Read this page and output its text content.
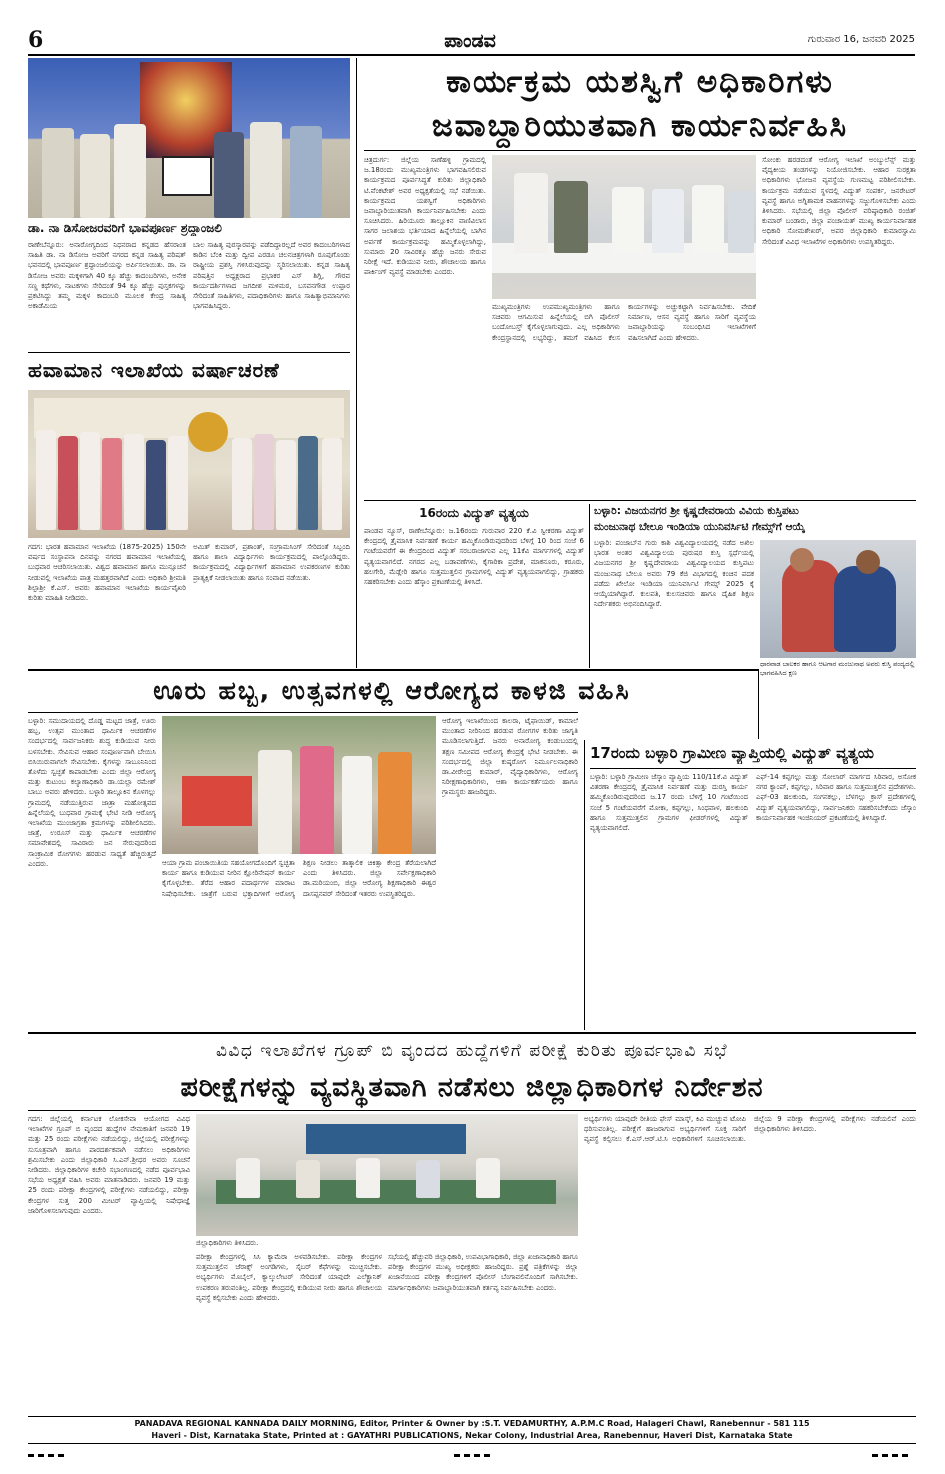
6	ಪಾಂಡವ	ಗುರುವಾರ 16, ಜನವರಿ 2025
ಡಾ. ನಾ ಡಿಸೋಜರವರಿಗೆ ಭಾವಪೂರ್ಣ ಶ್ರದ್ಧಾಂಜಲಿ
ರಾಣೇಬೆನ್ನೂರು: ಅನಾರೋಗ್ಯದಿಂದ ನಿಧನರಾದ ಕನ್ನಡದ ಹೆಸರಾಂತ ಸಾಹಿತಿ ಡಾ. ನಾ ಡಿಸೋಜ ಅವರಿಗೆ ನಗರದ ಕನ್ನಡ ಸಾಹಿತ್ಯ ಪರಿಷತ್ ಭವನದಲ್ಲಿ ಭಾವಪೂರ್ಣ ಶ್ರದ್ಧಾಂಜಲಿಯನ್ನು ಅರ್ಪಿಸಲಾಯಿತು. ಡಾ. ನಾ ಡಿಸೋಜ ಅವರು ಮಕ್ಕಳಿಗಾಗಿ 40 ಕ್ಕೂ ಹೆಚ್ಚು ಕಾದಂಬರಿಗಳು, ಅನೇಕ ಸಣ್ಣ ಕಥೆಗಳು, ನಾಟಕಗಳು ಸೇರಿದಂತೆ 94 ಕ್ಕೂ ಹೆಚ್ಚು ಪುಸ್ತಕಗಳನ್ನು ಪ್ರಕಟಿಸಿದ್ದು ತಮ್ಮ ಮಕ್ಕಳ ಕಾದಂಬರಿ ಮೂಲಕ ಕೇಂದ್ರ ಸಾಹಿತ್ಯ ಅಕಾಡೆಮಿಯ
ಬಾಲ ಸಾಹಿತ್ಯ ಪುರಸ್ಕಾರವನ್ನು ಪಡೆದಿದ್ದಾರಲ್ಲದೆ ಅವರ ಕಾದಂಬರಿಗಳಾದ ಕಾಡಿನ ಬೆಂಕಿ ಮತ್ತು ದ್ವೀಪ ಎರಡೂ ಚಲನಚಿತ್ರಗಳಾಗಿ ರೂಪುಗೊಂಡು ರಾಷ್ಟ್ರೀಯ ಪ್ರಶಸ್ತಿ ಗಳಿಸಿರುವುದನ್ನು ಸ್ಮರಿಸಲಾಯಿತು. ಕನ್ನಡ ಸಾಹಿತ್ಯ ಪರಿಷತ್ತಿನ ಅಧ್ಯಕ್ಷರಾದ ಪ್ರಭಾಕರ ಎಸ್ ಶಿಗ್ಲಿ, ಗೌರವ ಕಾರ್ಯದರ್ಶಿಗಳಾದ ಜಗದೀಶ ಮಳಿಮಠ, ಬಸವನಗೌಡ ಉಪ್ಪಾರ ಸೇರಿದಂತೆ ಸಾಹಿತಿಗಳು, ಪದಾಧಿಕಾರಿಗಳು ಹಾಗೂ ಸಾಹಿತ್ಯಾಭಿಮಾನಿಗಳು ಭಾಗವಹಿಸಿದ್ದರು.
ಹವಾಮಾನ ಇಲಾಖೆಯ ವರ್ಷಾಚರಣೆ
ಗದಗ: ಭಾರತ ಹವಾಮಾನ ಇಲಾಖೆಯ (1875-2025) 150ನೇ ವರ್ಷದ ಸಂಸ್ಥಾಪನಾ ದಿನವನ್ನು ನಗರದ ಹವಾಮಾನ ಇಲಾಖೆಯಲ್ಲಿ ಬುಧವಾರ ಆಚರಿಸಲಾಯಿತು. ವಿಶ್ವದ ಹವಾಮಾನ ಹಾಗೂ ಮುನ್ಸೂಚನೆ ನೀಡುವಲ್ಲಿ ಇಲಾಖೆಯ ಪಾತ್ರ ಮಹತ್ತರವಾಗಿದೆ ಎಂದು ಅಧಿಕಾರಿ ಶ್ರೀಮತಿ ಶಿಲ್ಪಾಶ್ರೀ ಕೆ.ಎಸ್. ಅವರು ಹವಾಮಾನ ಇಲಾಖೆಯ ಕಾರ್ಯವೈಖರಿ ಕುರಿತು ಮಾಹಿತಿ ನೀಡಿದರು.
ಅಮಿತ್ ಕುಮಾರ್, ಪ್ರಶಾಂತ್, ಸಂಗ್ರಾಮಸಿಂಗ್ ಸೇರಿದಂತೆ ಸಿಬ್ಬಂದಿ ಹಾಗೂ ಶಾಲಾ ವಿದ್ಯಾರ್ಥಿಗಳು ಕಾರ್ಯಕ್ರಮದಲ್ಲಿ ಪಾಲ್ಗೊಂಡಿದ್ದರು. ಕಾರ್ಯಕ್ರಮದಲ್ಲಿ ವಿದ್ಯಾರ್ಥಿಗಳಿಗೆ ಹವಾಮಾನ ಉಪಕರಣಗಳ ಕುರಿತು ಪ್ರಾತ್ಯಕ್ಷಿಕೆ ನೀಡಲಾಯಿತು ಹಾಗೂ ಸಂವಾದ ನಡೆಯಿತು.
ಕಾರ್ಯಕ್ರಮ ಯಶಸ್ವಿಗೆ ಅಧಿಕಾರಿಗಳು
ಜವಾಬ್ದಾರಿಯುತವಾಗಿ ಕಾರ್ಯನಿರ್ವಹಿಸಿ
ಚಿತ್ರದುರ್ಗ: ಜಿಲ್ಲೆಯ ಸಾಣೆಹಳ್ಳಿ ಗ್ರಾಮದಲ್ಲಿ ಜ.18ರಂದು ಮುಖ್ಯಮಂತ್ರಿಗಳು ಭಾಗವಹಿಸಲಿರುವ ಕಾರ್ಯಕ್ರಮದ ಪೂರ್ವಸಿದ್ಧತೆ ಕುರಿತು ಜಿಲ್ಲಾಧಿಕಾರಿ ಟಿ.ವೆಂಕಟೇಶ್ ಅವರ ಅಧ್ಯಕ್ಷತೆಯಲ್ಲಿ ಸಭೆ ನಡೆಯಿತು. ಕಾರ್ಯಕ್ರಮದ ಯಶಸ್ವಿಗೆ ಅಧಿಕಾರಿಗಳು ಜವಾಬ್ದಾರಿಯುತವಾಗಿ ಕಾರ್ಯನಿರ್ವಹಿಸಬೇಕು ಎಂದು ಸೂಚಿಸಿದರು. ಹಿರಿಯೂರು ತಾಲ್ಲೂಕಿನ ವಾಣಿವಿಲಾಸ ಸಾಗರ ಜಲಾಶಯ ಭರ್ತಿಯಾದ ಹಿನ್ನೆಲೆಯಲ್ಲಿ ಬಾಗಿನ ಅರ್ಪಣೆ ಕಾರ್ಯಕ್ರಮವನ್ನು ಹಮ್ಮಿಕೊಳ್ಳಲಾಗಿದ್ದು, ಸುಮಾರು 20 ಸಾವಿರಕ್ಕೂ ಹೆಚ್ಚು ಜನರು ಸೇರುವ ನಿರೀಕ್ಷೆ ಇದೆ. ಕುಡಿಯುವ ನೀರು, ಶೌಚಾಲಯ ಹಾಗೂ ಪಾರ್ಕಿಂಗ್ ವ್ಯವಸ್ಥೆ ಮಾಡಬೇಕು ಎಂದರು.
ಮುಖ್ಯಮಂತ್ರಿಗಳು ಉಪಮುಖ್ಯಮಂತ್ರಿಗಳು ಹಾಗೂ ಸಚಿವರು ಆಗಮಿಸುವ ಹಿನ್ನೆಲೆಯಲ್ಲಿ ಬಿಗಿ ಪೊಲೀಸ್ ಬಂದೋಬಸ್ತ್ ಕೈಗೊಳ್ಳಲಾಗುವುದು. ಎಲ್ಲ ಅಧಿಕಾರಿಗಳು ಕೇಂದ್ರಸ್ಥಾನದಲ್ಲಿ ಲಭ್ಯರಿದ್ದು, ತಮಗೆ ವಹಿಸಿದ ಕೆಲಸ ಕಾರ್ಯಗಳನ್ನು ಅಚ್ಚುಕಟ್ಟಾಗಿ ನಿರ್ವಹಿಸಬೇಕು. ವೇದಿಕೆ ನಿರ್ಮಾಣ, ಆಸನ ವ್ಯವಸ್ಥೆ ಹಾಗೂ ಸಾರಿಗೆ ವ್ಯವಸ್ಥೆಯ ಜವಾಬ್ದಾರಿಯನ್ನು ಸಂಬಂಧಿಸಿದ ಇಲಾಖೆಗಳಿಗೆ ವಹಿಸಲಾಗಿದೆ ಎಂದು ಹೇಳಿದರು.
ಸೋಂಕು ಹರಡದಂತೆ ಆರೋಗ್ಯ ಇಲಾಖೆ ಅಂಬ್ಯುಲೆನ್ಸ್ ಮತ್ತು ವೈದ್ಯಕೀಯ ತಂಡಗಳನ್ನು ನಿಯೋಜಿಸಬೇಕು. ಆಹಾರ ಸುರಕ್ಷತಾ ಅಧಿಕಾರಿಗಳು ಭೋಜನ ವ್ಯವಸ್ಥೆಯ ಗುಣಮಟ್ಟ ಪರಿಶೀಲಿಸಬೇಕು. ಕಾರ್ಯಕ್ರಮ ನಡೆಯುವ ಸ್ಥಳದಲ್ಲಿ ವಿದ್ಯುತ್ ಸಂಪರ್ಕ, ಜನರೇಟರ್ ವ್ಯವಸ್ಥೆ ಹಾಗೂ ಅಗ್ನಿಶಾಮಕ ವಾಹನಗಳನ್ನು ಸಜ್ಜುಗೊಳಿಸಬೇಕು ಎಂದು ತಿಳಿಸಿದರು. ಸಭೆಯಲ್ಲಿ ಜಿಲ್ಲಾ ಪೊಲೀಸ್ ವರಿಷ್ಠಾಧಿಕಾರಿ ರಂಜಿತ್ ಕುಮಾರ್ ಬಂಡಾರು, ಜಿಲ್ಲಾ ಪಂಚಾಯತ್ ಮುಖ್ಯ ಕಾರ್ಯನಿರ್ವಾಹಕ ಅಧಿಕಾರಿ ಸೋಮಶೇಖರ್, ಅಪರ ಜಿಲ್ಲಾಧಿಕಾರಿ ಕುಮಾರಸ್ವಾಮಿ ಸೇರಿದಂತೆ ವಿವಿಧ ಇಲಾಖೆಗಳ ಅಧಿಕಾರಿಗಳು ಉಪಸ್ಥಿತರಿದ್ದರು.
16ರಂದು ವಿದ್ಯುತ್ ವ್ಯತ್ಯಯ
ಪಾಂಡವ ನ್ಯೂಸ್, ರಾಣೇಬೆನ್ನೂರು: ಜ.16ರಂದು ಗುರುವಾರ 220 ಕೆ.ವಿ ಸ್ವೀಕರಣಾ ವಿದ್ಯುತ್ ಕೇಂದ್ರದಲ್ಲಿ ತ್ರೈಮಾಸಿಕ ನಿರ್ವಹಣೆ ಕಾರ್ಯ ಹಮ್ಮಿಕೊಂಡಿರುವುದರಿಂದ ಬೆಳಿಗ್ಗೆ 10 ರಿಂದ ಸಂಜೆ 6 ಗಂಟೆಯವರೆಗೆ ಈ ಕೇಂದ್ರದಿಂದ ವಿದ್ಯುತ್ ಸರಬರಾಜಾಗುವ ಎಲ್ಲ 11ಕೆವಿ ಮಾರ್ಗಗಳಲ್ಲಿ ವಿದ್ಯುತ್ ವ್ಯತ್ಯಯವಾಗಲಿದೆ. ನಗರದ ಎಲ್ಲ ಬಡಾವಣೆಗಳು, ಕೈಗಾರಿಕಾ ಪ್ರದೇಶ, ಮಾಕನೂರು, ಕರೂರು, ಹಲಗೇರಿ, ಮೆಡ್ಲೇರಿ ಹಾಗೂ ಸುತ್ತಮುತ್ತಲಿನ ಗ್ರಾಮಗಳಲ್ಲಿ ವಿದ್ಯುತ್ ವ್ಯತ್ಯಯವಾಗಲಿದ್ದು, ಗ್ರಾಹಕರು ಸಹಕರಿಸಬೇಕು ಎಂದು ಹೆಸ್ಕಾಂ ಪ್ರಕಟಣೆಯಲ್ಲಿ ತಿಳಿಸಿದೆ.
ಬಳ್ಳಾರಿ: ವಿಜಯನಗರ ಶ್ರೀ ಕೃಷ್ಣದೇವರಾಯ ವಿವಿಯ ಕುಸ್ತಿಪಟು
ಮಂಜುನಾಥ ಬೇಲೂ ಇಂಡಿಯಾ ಯುನಿವರ್ಸಿಟಿ ಗೇಮ್ಸ್‌ಗೆ ಆಯ್ಕೆ
ಬಳ್ಳಾರಿ: ಪಂಜಾಬ್‌ನ ಗುರು ಕಾಶಿ ವಿಶ್ವವಿದ್ಯಾಲಯದಲ್ಲಿ ನಡೆದ ಅಖಿಲ ಭಾರತ ಅಂತರ ವಿಶ್ವವಿದ್ಯಾಲಯ ಪುರುಷರ ಕುಸ್ತಿ ಸ್ಪರ್ಧೆಯಲ್ಲಿ ವಿಜಯನಗರ ಶ್ರೀ ಕೃಷ್ಣದೇವರಾಯ ವಿಶ್ವವಿದ್ಯಾಲಯದ ಕುಸ್ತಿಪಟು ಮಂಜುನಾಥ ಬೇಲೂ ಅವರು 79 ಕೆಜಿ ವಿಭಾಗದಲ್ಲಿ ಕಂಚಿನ ಪದಕ ಪಡೆದು ಖೇಲೋ ಇಂಡಿಯಾ ಯುನಿವರ್ಸಿಟಿ ಗೇಮ್ಸ್ 2025 ಕ್ಕೆ ಆಯ್ಕೆಯಾಗಿದ್ದಾರೆ. ಕುಲಪತಿ, ಕುಲಸಚಿವರು ಹಾಗೂ ದೈಹಿಕ ಶಿಕ್ಷಣ ನಿರ್ದೇಶಕರು ಅಭಿನಂದಿಸಿದ್ದಾರೆ.
ಧಾರವಾಡ ಬಾಲಕರ ಹಾಗೂ ಆಟಗಾರ ಮಂಜುನಾಥ ಅವರು ಕುಸ್ತಿ ಪಂದ್ಯದಲ್ಲಿ ಭಾಗವಹಿಸಿದ ಕ್ಷಣ
ಊರು ಹಬ್ಬ, ಉತ್ಸವಗಳಲ್ಲಿ ಆರೋಗ್ಯದ ಕಾಳಜಿ ವಹಿಸಿ
ಬಳ್ಳಾರಿ: ಸಮುದಾಯದಲ್ಲಿ ದೊಡ್ಡ ಮಟ್ಟದ ಜಾತ್ರೆ, ಊರು ಹಬ್ಬ, ಉತ್ಸವ ಮುಂತಾದ ಧಾರ್ಮಿಕ ಆಚರಣೆಗಳ ಸಂದರ್ಭದಲ್ಲಿ ಸಾರ್ವಜನಿಕರು ಶುದ್ಧ ಕುಡಿಯುವ ನೀರು ಬಳಸಬೇಕು. ಸೇವಿಸುವ ಆಹಾರ ಸಂಪೂರ್ಣವಾಗಿ ಬೇಯಿಸಿ ಬಿಸಿಯಿರುವಾಗಲೇ ಸೇವಿಸಬೇಕು. ಕೈಗಳನ್ನು ಸಾಬೂನಿನಿಂದ ತೊಳೆದು ಸ್ವಚ್ಛತೆ ಕಾಪಾಡಬೇಕು ಎಂದು ಜಿಲ್ಲಾ ಆರೋಗ್ಯ ಮತ್ತು ಕುಟುಂಬ ಕಲ್ಯಾಣಾಧಿಕಾರಿ ಡಾ.ಯಲ್ಲಾ ರಮೇಶ್ ಬಾಬು ಅವರು ಹೇಳಿದರು. ಬಳ್ಳಾರಿ ತಾಲ್ಲೂಕಿನ ಕೊಳಗಲ್ಲು ಗ್ರಾಮದಲ್ಲಿ ನಡೆಯುತ್ತಿರುವ ಜಾತ್ರಾ ಮಹೋತ್ಸವದ ಹಿನ್ನೆಲೆಯಲ್ಲಿ ಬುಧವಾರ ಗ್ರಾಮಕ್ಕೆ ಭೇಟಿ ನೀಡಿ ಆರೋಗ್ಯ ಇಲಾಖೆಯ ಮುಂಜಾಗ್ರತಾ ಕ್ರಮಗಳನ್ನು ಪರಿಶೀಲಿಸಿದರು. ಜಾತ್ರೆ, ಉರೂಸ್ ಮತ್ತು ಧಾರ್ಮಿಕ ಆಚರಣೆಗಳ ಸಮಾವೇಶದಲ್ಲಿ ಸಾವಿರಾರು ಜನ ಸೇರುವುದರಿಂದ ಸಾಂಕ್ರಾಮಿಕ ರೋಗಗಳು ಹರಡುವ ಸಾಧ್ಯತೆ ಹೆಚ್ಚಿರುತ್ತದೆ ಎಂದರು.	ಆಯಾ ಗ್ರಾಮ ಪಂಚಾಯಿತಿಯ ಸಹಯೋಗದೊಂದಿಗೆ ಸ್ವಚ್ಛತಾ ಕಾರ್ಯ ಹಾಗೂ ಕುಡಿಯುವ ನೀರಿನ ಕ್ಲೋರಿನೇಷನ್ ಕಾರ್ಯ ಕೈಗೊಳ್ಳಬೇಕು. ತೆರೆದ ಆಹಾರ ಪದಾರ್ಥಗಳ ಮಾರಾಟ ನಿಷೇಧಿಸಬೇಕು. ಜಾತ್ರೆಗೆ ಬರುವ ಭಕ್ತಾದಿಗಳಿಗೆ ಆರೋಗ್ಯ ಶಿಕ್ಷಣ ನೀಡಲು ತಾತ್ಕಾಲಿಕ ಚಿಕಿತ್ಸಾ ಕೇಂದ್ರ ತೆರೆಯಲಾಗಿದೆ ಎಂದು ತಿಳಿಸಿದರು. ಜಿಲ್ಲಾ ಸರ್ವೇಕ್ಷಣಾಧಿಕಾರಿ ಡಾ.ಮರಿಯಂಬಿ, ಜಿಲ್ಲಾ ಆರೋಗ್ಯ ಶಿಕ್ಷಣಾಧಿಕಾರಿ ಈಶ್ವರ ದಾಸಪ್ಪನವರ್ ಸೇರಿದಂತೆ ಇತರರು ಉಪಸ್ಥಿತರಿದ್ದರು.
ಆರೋಗ್ಯ ಇಲಾಖೆಯಿಂದ ಕಾಲರಾ, ಟೈಫಾಯಿಡ್, ಕಾಮಾಲೆ ಮುಂತಾದ ನೀರಿನಿಂದ ಹರಡುವ ರೋಗಗಳ ಕುರಿತು ಜಾಗೃತಿ ಮೂಡಿಸಲಾಗುತ್ತಿದೆ. ಜನರು ಅನಾರೋಗ್ಯ ಕಂಡುಬಂದಲ್ಲಿ ತಕ್ಷಣ ಸಮೀಪದ ಆರೋಗ್ಯ ಕೇಂದ್ರಕ್ಕೆ ಭೇಟಿ ನೀಡಬೇಕು. ಈ ಸಂದರ್ಭದಲ್ಲಿ ಜಿಲ್ಲಾ ಕುಷ್ಠರೋಗ ನಿರ್ಮೂಲನಾಧಿಕಾರಿ ಡಾ.ವೀರೇಂದ್ರ ಕುಮಾರ್, ವೈದ್ಯಾಧಿಕಾರಿಗಳು, ಆರೋಗ್ಯ ನಿರೀಕ್ಷಣಾಧಿಕಾರಿಗಳು, ಆಶಾ ಕಾರ್ಯಕರ್ತೆಯರು ಹಾಗೂ ಗ್ರಾಮಸ್ಥರು ಹಾಜರಿದ್ದರು.
17ರಂದು ಬಳ್ಳಾರಿ ಗ್ರಾಮೀಣ ವ್ಯಾಪ್ತಿಯಲ್ಲಿ ವಿದ್ಯುತ್ ವ್ಯತ್ಯಯ
ಬಳ್ಳಾರಿ: ಬಳ್ಳಾರಿ ಗ್ರಾಮೀಣ ಜೆಸ್ಕಾಂ ವ್ಯಾಪ್ತಿಯ 110/11ಕೆ.ವಿ ವಿದ್ಯುತ್ ವಿತರಣಾ ಕೇಂದ್ರದಲ್ಲಿ ತ್ರೈಮಾಸಿಕ ನಿರ್ವಹಣೆ ಮತ್ತು ದುರಸ್ತಿ ಕಾರ್ಯ ಹಮ್ಮಿಕೊಂಡಿರುವುದರಿಂದ ಜ.17 ರಂದು ಬೆಳಿಗ್ಗೆ 10 ಗಂಟೆಯಿಂದ ಸಂಜೆ 5 ಗಂಟೆಯವರೆಗೆ ಮೋಕಾ, ಕಪ್ಪಗಲ್ಲು, ಸಿಂಧವಾಳ, ಹಲಕುಂದಿ ಹಾಗೂ ಸುತ್ತಮುತ್ತಲಿನ ಗ್ರಾಮಗಳ ಫೀಡರ್‌ಗಳಲ್ಲಿ ವಿದ್ಯುತ್ ವ್ಯತ್ಯಯವಾಗಲಿದೆ.
ಎಫ್-14 ಕಪ್ಪಗಲ್ಲು ಮತ್ತು ಸೋಲಾರ್ ಮಾರ್ಗದ ಸಿರಿವಾರ, ಅಸೋಕ ನಗರ ಕ್ಯಾಂಪ್, ಕಪ್ಪಗಲ್ಲು, ಸಿರಿವಾರ ಹಾಗೂ ಸುತ್ತಮುತ್ತಲಿನ ಪ್ರದೇಶಗಳು. ಎಫ್-03 ಹಲಕುಂದಿ, ಸಂಗನಕಲ್ಲು, ಬೆಳಗಲ್ಲು ಕ್ರಾಸ್ ಪ್ರದೇಶಗಳಲ್ಲಿ ವಿದ್ಯುತ್ ವ್ಯತ್ಯಯವಾಗಲಿದ್ದು, ಸಾರ್ವಜನಿಕರು ಸಹಕರಿಸಬೇಕೆಂದು ಜೆಸ್ಕಾಂ ಕಾರ್ಯನಿರ್ವಾಹಕ ಇಂಜಿನಿಯರ್ ಪ್ರಕಟಣೆಯಲ್ಲಿ ತಿಳಿಸಿದ್ದಾರೆ.
ವಿವಿಧ ಇಲಾಖೆಗಳ ಗ್ರೂಪ್ ಬಿ ವೃಂದದ ಹುದ್ದೆಗಳಿಗೆ ಪರೀಕ್ಷೆ ಕುರಿತು ಪೂರ್ವಭಾವಿ ಸಭೆ
ಪರೀಕ್ಷೆಗಳನ್ನು ವ್ಯವಸ್ಥಿತವಾಗಿ ನಡೆಸಲು ಜಿಲ್ಲಾಧಿಕಾರಿಗಳ ನಿರ್ದೇಶನ
ಗದಗ: ಜಿಲ್ಲೆಯಲ್ಲಿ ಕರ್ನಾಟಕ ಲೋಕಸೇವಾ ಆಯೋಗದ ವಿವಿಧ ಇಲಾಖೆಗಳ ಗ್ರೂಪ್ ಬಿ ವೃಂದದ ಹುದ್ದೆಗಳ ನೇಮಕಾತಿಗೆ ಜನವರಿ 19 ಮತ್ತು 25 ರಂದು ಪರೀಕ್ಷೆಗಳು ನಡೆಯಲಿದ್ದು, ಜಿಲ್ಲೆಯಲ್ಲಿ ಪರೀಕ್ಷೆಗಳನ್ನು ಸುಸೂತ್ರವಾಗಿ ಹಾಗೂ ಪಾರದರ್ಶಕವಾಗಿ ನಡೆಸಲು ಅಧಿಕಾರಿಗಳು ಶ್ರಮಿಸಬೇಕು ಎಂದು ಜಿಲ್ಲಾಧಿಕಾರಿ ಸಿ.ಎನ್.ಶ್ರೀಧರ ಅವರು ಸೂಚನೆ ನೀಡಿದರು. ಜಿಲ್ಲಾಧಿಕಾರಿಗಳ ಕಚೇರಿ ಸಭಾಂಗಣದಲ್ಲಿ ನಡೆದ ಪೂರ್ವಭಾವಿ ಸಭೆಯ ಅಧ್ಯಕ್ಷತೆ ವಹಿಸಿ ಅವರು ಮಾತನಾಡಿದರು. ಜನವರಿ 19 ಮತ್ತು 25 ರಂದು ಪರೀಕ್ಷಾ ಕೇಂದ್ರಗಳಲ್ಲಿ ಪರೀಕ್ಷೆಗಳು ನಡೆಯಲಿದ್ದು, ಪರೀಕ್ಷಾ ಕೇಂದ್ರಗಳ ಸುತ್ತ 200 ಮೀಟರ್ ವ್ಯಾಪ್ತಿಯಲ್ಲಿ ನಿಷೇಧಾಜ್ಞೆ ಜಾರಿಗೊಳಿಸಲಾಗುವುದು ಎಂದರು.
ಜಿಲ್ಲಾಧಿಕಾರಿಗಳು ತಿಳಿಸಿದರು.
ಪರೀಕ್ಷಾ ಕೇಂದ್ರಗಳಲ್ಲಿ ಸಿಸಿ ಕ್ಯಾಮೆರಾ ಅಳವಡಿಸಬೇಕು. ಪರೀಕ್ಷಾ ಕೇಂದ್ರಗಳ ಸುತ್ತಮುತ್ತಲಿನ ಜೆರಾಕ್ಸ್ ಅಂಗಡಿಗಳು, ಸೈಬರ್ ಕೆಫೆಗಳನ್ನು ಮುಚ್ಚಿಸಬೇಕು. ಅಭ್ಯರ್ಥಿಗಳು ಮೊಬೈಲ್, ಕ್ಯಾಲ್ಕುಲೇಟರ್ ಸೇರಿದಂತೆ ಯಾವುದೇ ಎಲೆಕ್ಟ್ರಾನಿಕ್ ಉಪಕರಣ ತರುವಂತಿಲ್ಲ. ಪರೀಕ್ಷಾ ಕೇಂದ್ರದಲ್ಲಿ ಕುಡಿಯುವ ನೀರು ಹಾಗೂ ಶೌಚಾಲಯ ವ್ಯವಸ್ಥೆ ಕಲ್ಪಿಸಬೇಕು ಎಂದು ಹೇಳಿದರು.
ಸಭೆಯಲ್ಲಿ ಹೆಚ್ಚುವರಿ ಜಿಲ್ಲಾಧಿಕಾರಿ, ಉಪವಿಭಾಗಾಧಿಕಾರಿ, ಜಿಲ್ಲಾ ಖಜಾನಾಧಿಕಾರಿ ಹಾಗೂ ಪರೀಕ್ಷಾ ಕೇಂದ್ರಗಳ ಮುಖ್ಯ ಅಧೀಕ್ಷಕರು ಹಾಜರಿದ್ದರು. ಪ್ರಶ್ನೆ ಪತ್ರಿಕೆಗಳನ್ನು ಜಿಲ್ಲಾ ಖಜಾನೆಯಿಂದ ಪರೀಕ್ಷಾ ಕೇಂದ್ರಗಳಿಗೆ ಪೊಲೀಸ್ ಬೆಂಗಾವಲಿನೊಂದಿಗೆ ಸಾಗಿಸಬೇಕು. ಮಾರ್ಗಾಧಿಕಾರಿಗಳು ಜವಾಬ್ದಾರಿಯುತವಾಗಿ ಕರ್ತವ್ಯ ನಿರ್ವಹಿಸಬೇಕು ಎಂದರು.
ಅಭ್ಯರ್ಥಿಗಳು ಯಾವುದೇ ರೀತಿಯ ಫೇಸ್ ಮಾಸ್ಕ್, ಕಿವಿ ಮುಚ್ಚುವ ಟೋಪಿ ಧರಿಸುವಂತಿಲ್ಲ. ಪರೀಕ್ಷೆಗೆ ಹಾಜರಾಗುವ ಅಭ್ಯರ್ಥಿಗಳಿಗೆ ಸೂಕ್ತ ಸಾರಿಗೆ ವ್ಯವಸ್ಥೆ ಕಲ್ಪಿಸಲು ಕೆ.ಎಸ್.ಆರ್.ಟಿ.ಸಿ ಅಧಿಕಾರಿಗಳಿಗೆ ಸೂಚಿಸಲಾಯಿತು. ಜಿಲ್ಲೆಯ 9 ಪರೀಕ್ಷಾ ಕೇಂದ್ರಗಳಲ್ಲಿ ಪರೀಕ್ಷೆಗಳು ನಡೆಯಲಿವೆ ಎಂದು ಜಿಲ್ಲಾಧಿಕಾರಿಗಳು ತಿಳಿಸಿದರು.
PANADAVA REGIONAL KANNADA DAILY MORNING, Editor, Printer & Owner by :S.T. VEDAMURTHY, A.P.M.C Road, Halageri Chawl, Ranebennur - 581 115
Haveri - Dist, Karnataka State, Printed at : GAYATHRI PUBLICATIONS, Nekar Colony, Industrial Area, Ranebennur, Haveri Dist, Karnataka State
